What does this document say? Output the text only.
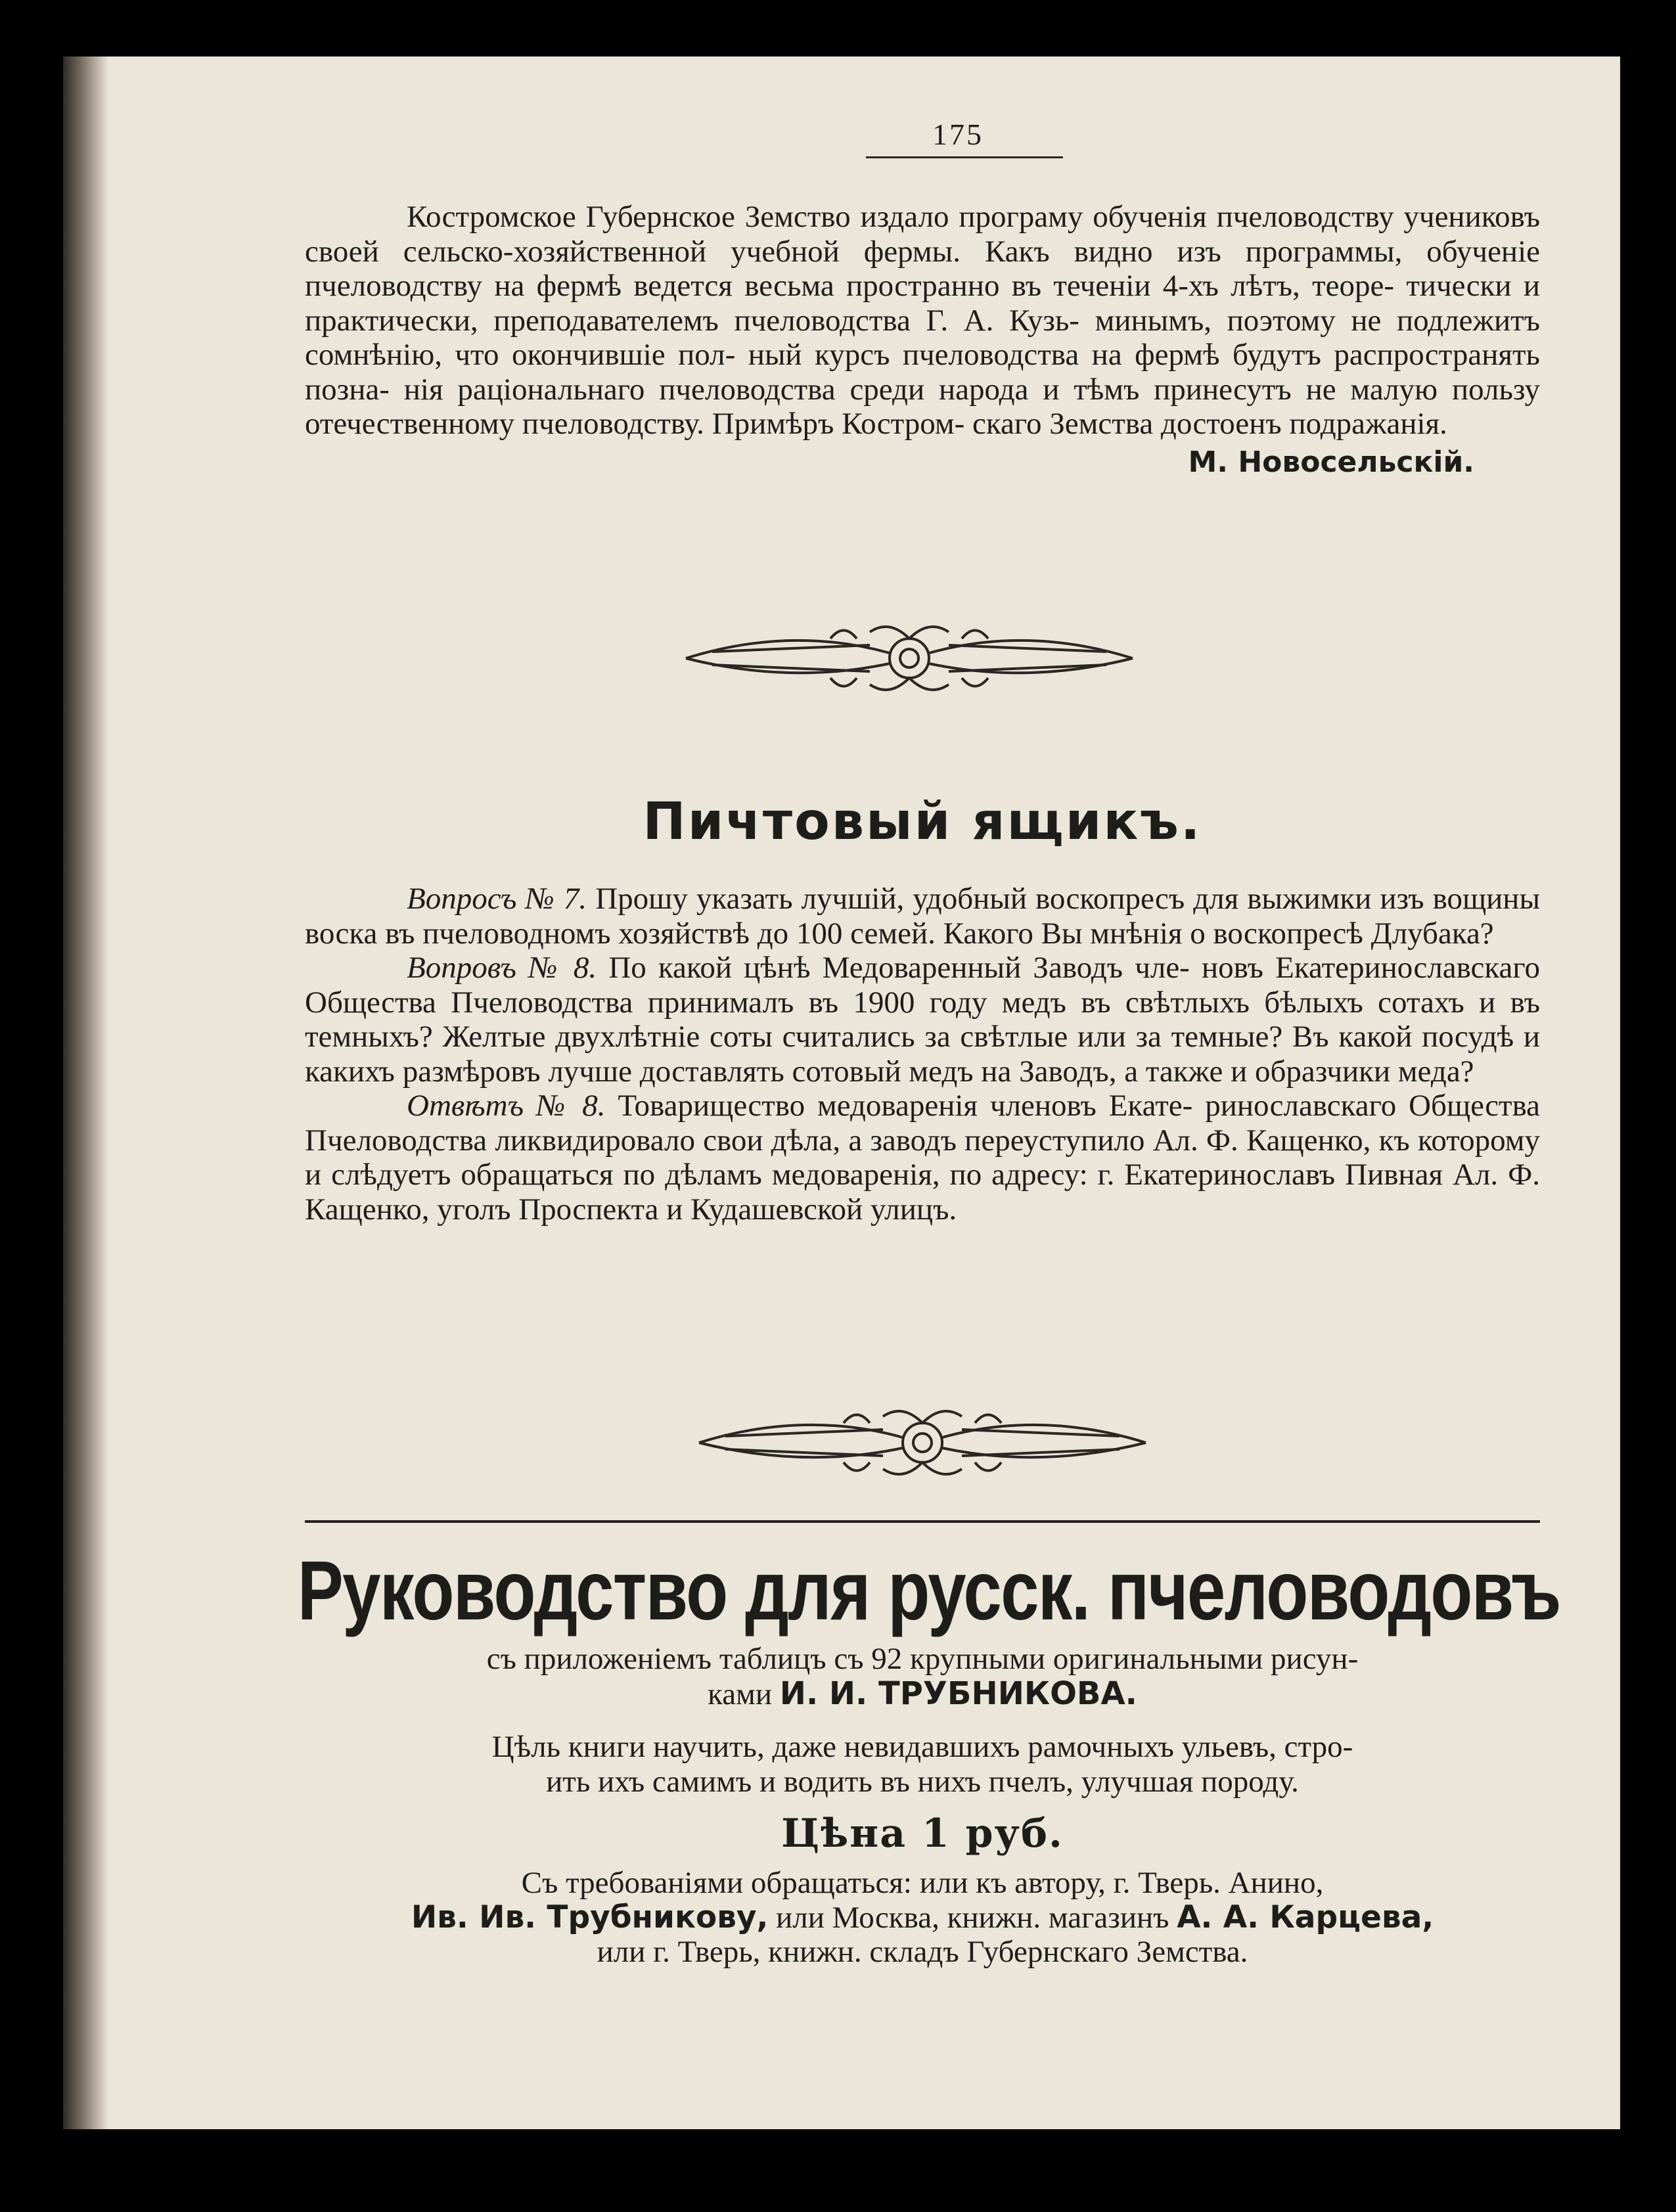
175

Костромское Губернское Земство издало програму обученія пчеловодству учениковъ своей сельско-хозяйственной учебной фермы. Какъ видно изъ программы, обученіе пчеловодству на фермѣ ведется весьма пространно въ теченіи 4-хъ лѣтъ, теоре- тически и практически, преподавателемъ пчеловодства Г. А. Кузь- минымъ, поэтому не подлежитъ сомнѣнію, что окончившіе пол- ный курсъ пчеловодства на фермѣ будутъ распространять позна- нія раціональнаго пчеловодства среди народа и тѣмъ принесутъ не малую пользу отечественному пчеловодству. Примѣръ Костром- скаго Земства достоенъ подражанія.

М. Новосельскій.
Пичтовый ящикъ.

Вопросъ № 7. Прошу указать лучшій, удобный воскопресъ для выжимки изъ вощины воска въ пчеловодномъ хозяйствѣ до 100 семей. Какого Вы мнѣнія о воскопресѣ Длубака?

Вопровъ № 8. По какой цѣнѣ Медоваренный Заводъ чле- новъ Екатеринославскаго Общества Пчеловодства принималъ въ 1900 году медъ въ свѣтлыхъ бѣлыхъ сотахъ и въ темныхъ? Желтые двухлѣтніе соты считались за свѣтлые или за темные? Въ какой посудѣ и какихъ размѣровъ лучше доставлять сотовый медъ на Заводъ, а также и образчики меда?

Отвѣтъ № 8. Товарищество медоваренія членовъ Екате- ринославскаго Общества Пчеловодства ликвидировало свои дѣла, а заводъ переуступило Ал. Ф. Кащенко, къ которому и слѣдуетъ обращаться по дѣламъ медоваренія, по адресу: г. Екатеринославъ Пивная Ал. Ф. Кащенко, уголъ Проспекта и Кудашевской улицъ.

Руководство для русск. пчеловодовъ

съ приложеніемъ таблицъ съ 92 крупными оригинальными рисун-
ками И. И. ТРУБНИКОВА.

Цѣль книги научить, даже невидавшихъ рамочныхъ ульевъ, стро-
ить ихъ самимъ и водить въ нихъ пчелъ, улучшая породу.

Цѣна 1 руб.

Съ требованіями обращаться: или къ автору, г. Тверь. Анино,
Ив. Ив. Трубникову, или Москва, книжн. магазинъ А. А. Карцева,
или г. Тверь, книжн. складъ Губернскаго Земства.
